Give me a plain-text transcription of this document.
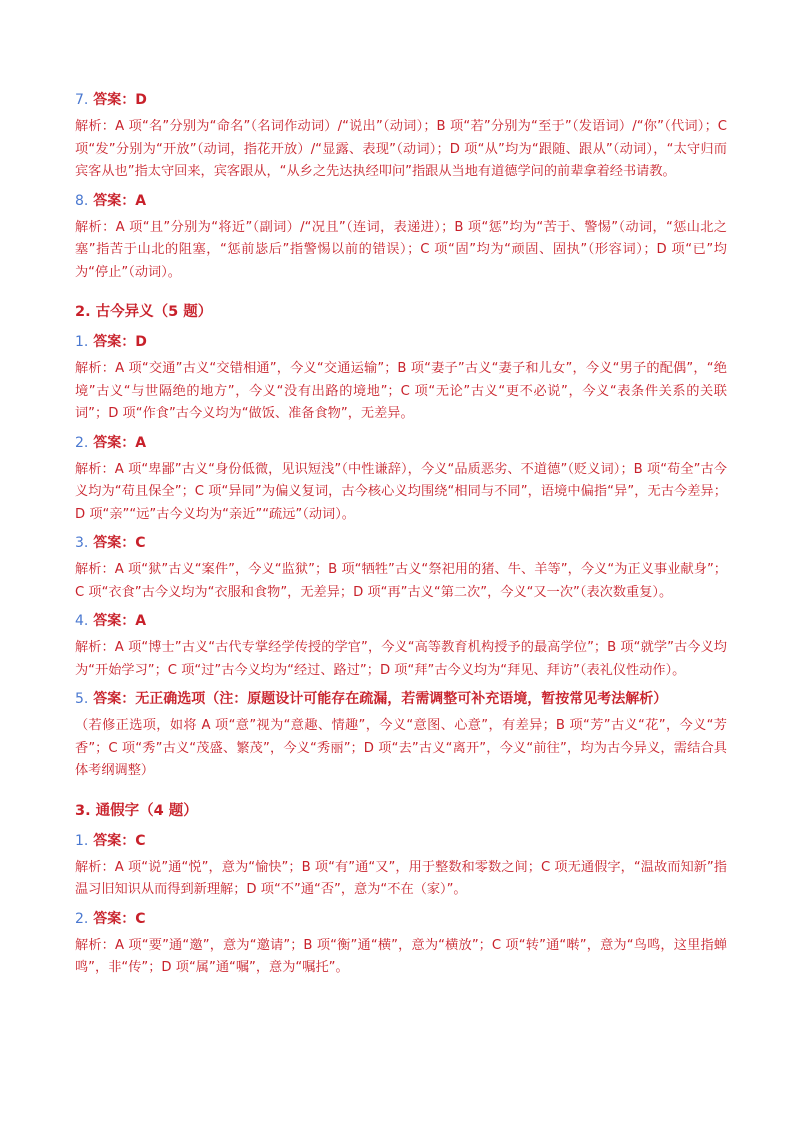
7. 答案：D

解析：A 项“名”分别为“命名”（名词作动词）/“说出”（动词）；B 项“若”分别为“至于”（发语词）/“你”（代词）；C 项“发”分别为“开放”（动词，指花开放）/“显露、表现”（动词）；D 项“从”均为“跟随、跟从”（动词），“太守归而宾客从也”指太守回来，宾客跟从，“从乡之先达执经叩问”指跟从当地有道德学问的前辈拿着经书请教。

8. 答案：A

解析：A 项“且”分别为“将近”（副词）/“况且”（连词，表递进）；B 项“惩”均为“苦于、警惕”（动词，“惩山北之塞”指苦于山北的阻塞，“惩前毖后”指警惕以前的错误）；C 项“固”均为“顽固、固执”（形容词）；D 项“已”均为“停止”（动词）。

2. 古今异义（5 题）
1. 答案：D

解析：A 项“交通”古义“交错相通”，今义“交通运输”；B 项“妻子”古义“妻子和儿女”，今义“男子的配偶”，“绝境”古义“与世隔绝的地方”，今义“没有出路的境地”；C 项“无论”古义“更不必说”，今义“表条件关系的关联词”；D 项“作食”古今义均为“做饭、准备食物”，无差异。

2. 答案：A

解析：A 项“卑鄙”古义“身份低微，见识短浅”（中性谦辞），今义“品质恶劣、不道德”（贬义词）；B 项“苟全”古今义均为“苟且保全”；C 项“异同”为偏义复词，古今核心义均围绕“相同与不同”，语境中偏指“异”，无古今差异；D 项“亲”“远”古今义均为“亲近”“疏远”（动词）。

3. 答案：C

解析：A 项“狱”古义“案件”，今义“监狱”；B 项“牺牲”古义“祭祀用的猪、牛、羊等”，今义“为正义事业献身”；C 项“衣食”古今义均为“衣服和食物”，无差异；D 项“再”古义“第二次”，今义“又一次”（表次数重复）。

4. 答案：A

解析：A 项“博士”古义“古代专掌经学传授的学官”，今义“高等教育机构授予的最高学位”；B 项“就学”古今义均为“开始学习”；C 项“过”古今义均为“经过、路过”；D 项“拜”古今义均为“拜见、拜访”（表礼仪性动作）。

5. 答案：无正确选项（注：原题设计可能存在疏漏，若需调整可补充语境，暂按常见考法解析）

（若修正选项，如将 A 项“意”视为“意趣、情趣”，今义“意图、心意”，有差异；B 项“芳”古义“花”，今义“芳香”；C 项“秀”古义“茂盛、繁茂”，今义“秀丽”；D 项“去”古义“离开”，今义“前往”，均为古今异义，需结合具体考纲调整）

3. 通假字（4 题）
1. 答案：C

解析：A 项“说”通“悦”，意为“愉快”；B 项“有”通“又”，用于整数和零数之间；C 项无通假字，“温故而知新”指温习旧知识从而得到新理解；D 项“不”通“否”，意为“不在（家）”。

2. 答案：C

解析：A 项“要”通“邀”，意为“邀请”；B 项“衡”通“横”，意为“横放”；C 项“转”通“啭”，意为“鸟鸣，这里指蝉鸣”，非“传”；D 项“属”通“嘱”，意为“嘱托”。
